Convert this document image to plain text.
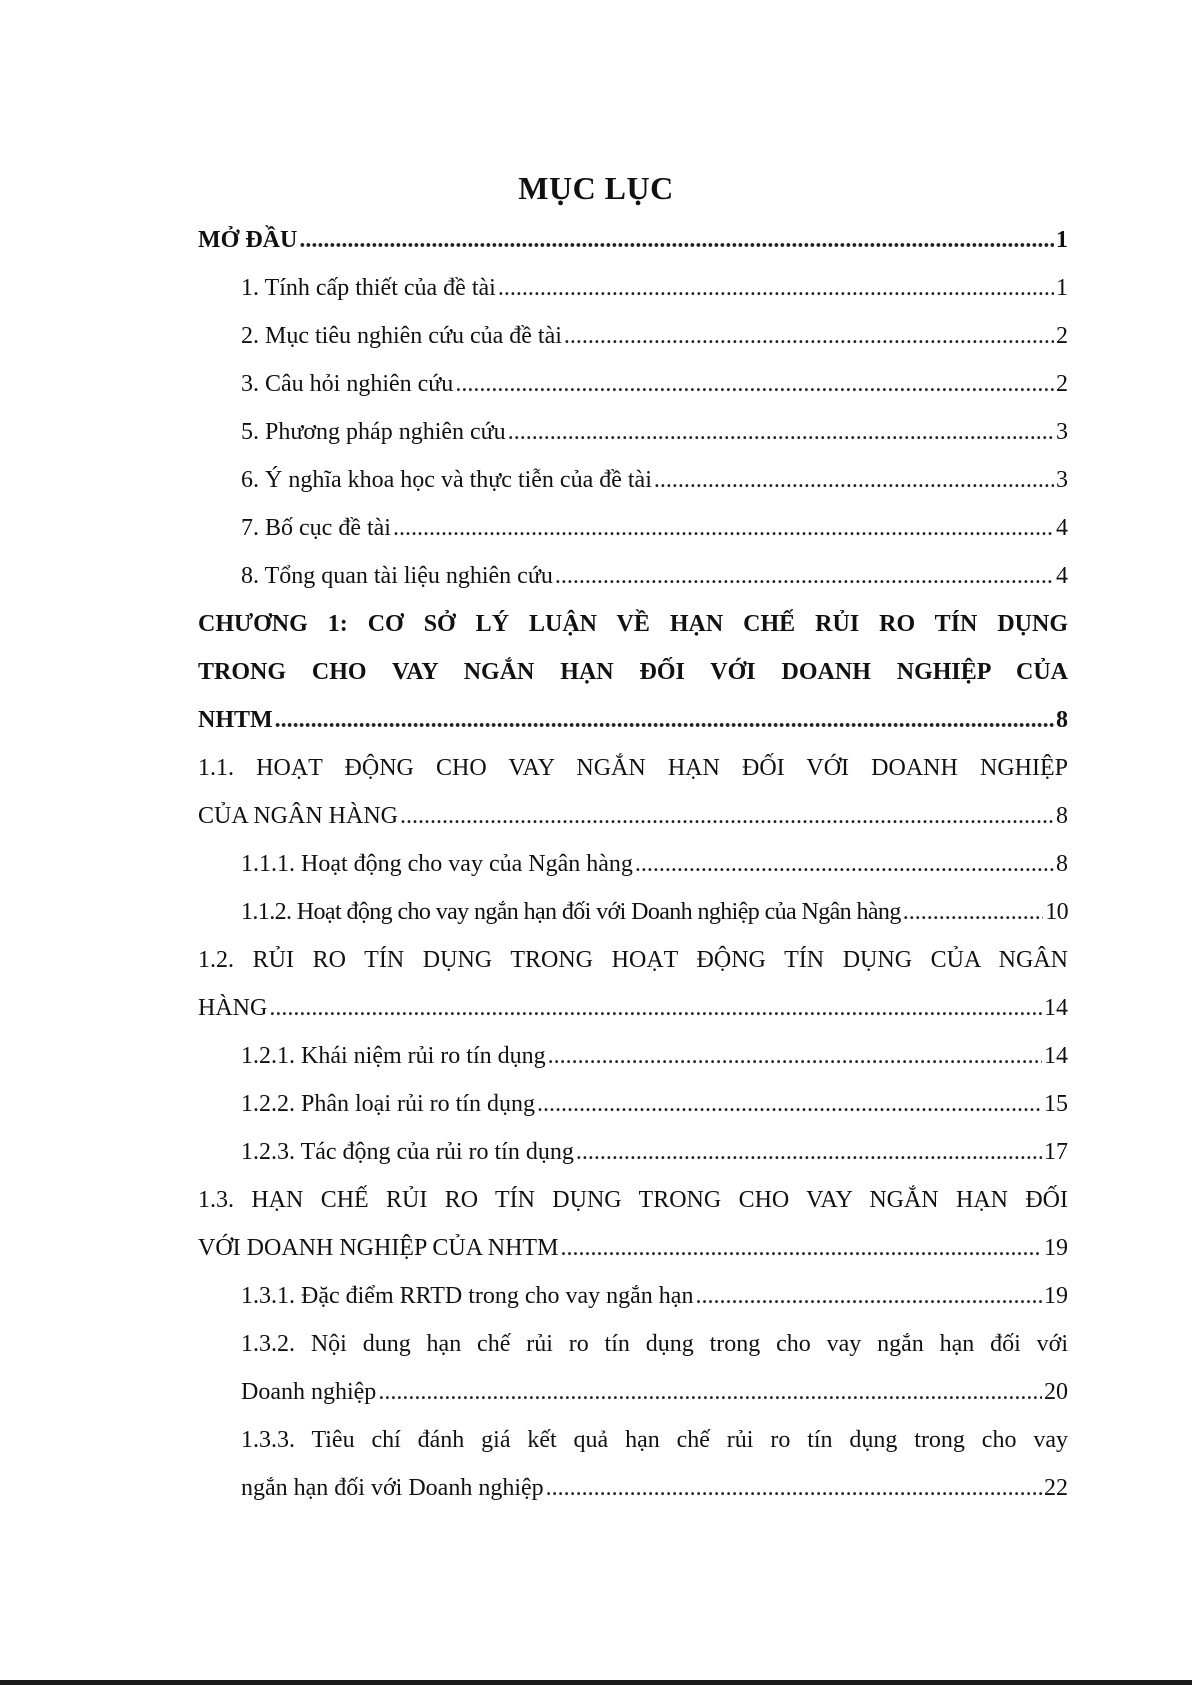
MỤC LỤC
MỞ ĐẦU . . .	1
1. Tính cấp thiết của đề tài . . .	1
2. Mục tiêu nghiên cứu của đề tài . . .	2
3. Câu hỏi nghiên cứu . . .	2
5. Phương pháp nghiên cứu . . .	3
6. Ý nghĩa khoa học và thực tiễn của đề tài . . .	3
7. Bố cục đề tài . . .	4
8. Tổng quan tài liệu nghiên cứu . . .	4
CHƯƠNG 1: CƠ SỞ LÝ LUẬN VỀ HẠN CHẾ RỦI RO TÍN DỤNG
TRONG CHO VAY NGẮN HẠN ĐỐI VỚI DOANH NGHIỆP CỦA
NHTM . . .	8
1.1. HOẠT ĐỘNG CHO VAY NGẮN HẠN ĐỐI VỚI DOANH NGHIỆP
CỦA NGÂN HÀNG . . .	8
1.1.1. Hoạt động cho vay của Ngân hàng . . .	8
1.1.2. Hoạt động cho vay ngắn hạn đối với Doanh nghiệp của Ngân hàng . . .	10
1.2. RỦI RO TÍN DỤNG TRONG HOẠT ĐỘNG TÍN DỤNG CỦA NGÂN
HÀNG . . .	14
1.2.1. Khái niệm rủi ro tín dụng . . .	14
1.2.2. Phân loại rủi ro tín dụng . . .	15
1.2.3. Tác động của rủi ro tín dụng . . .	17
1.3. HẠN CHẾ RỦI RO TÍN DỤNG TRONG CHO VAY NGẮN HẠN ĐỐI
VỚI DOANH NGHIỆP CỦA NHTM . . .	19
1.3.1. Đặc điểm RRTD trong cho vay ngắn hạn . . .	19
1.3.2. Nội dung hạn chế rủi ro tín dụng trong cho vay ngắn hạn đối với
Doanh nghiệp . . .	20
1.3.3. Tiêu chí đánh giá kết quả hạn chế rủi ro tín dụng trong cho vay
ngắn hạn đối với Doanh nghiệp . . .	22
